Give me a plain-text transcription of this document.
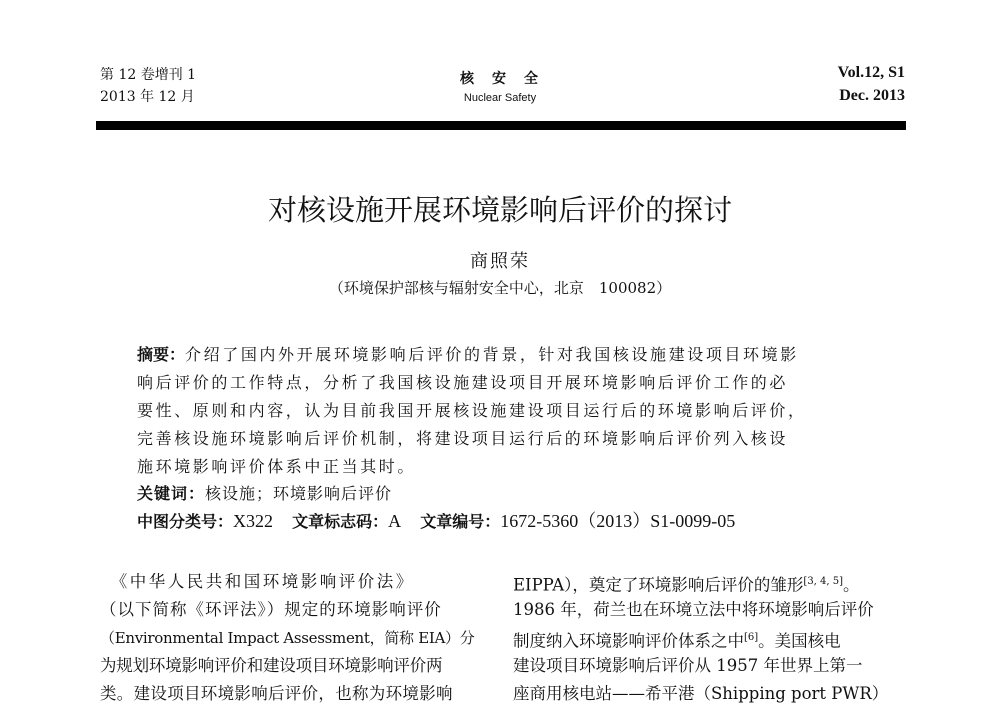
第 12 卷增刊 1
2013 年 12 月
核　安　全
Nuclear Safety
Vol.12, S1
Dec. 2013
对核设施开展环境影响后评价的探讨
商照荣
（环境保护部核与辐射安全中心，北京　100082）
摘要：介绍了国内外开展环境影响后评价的背景，针对我国核设施建设项目环境影
响后评价的工作特点，分析了我国核设施建设项目开展环境影响后评价工作的必
要性、原则和内容，认为目前我国开展核设施建设项目运行后的环境影响后评价，
完善核设施环境影响后评价机制，将建设项目运行后的环境影响后评价列入核设
施环境影响评价体系中正当其时。
关键词：核设施；环境影响后评价
中图分类号：X322 文章标志码：A 文章编号：1672-5360（2013）S1-0099-05
　《中华人民共和国环境影响评价法》
（以下简称《环评法》）规定的环境影响评价
（Environmental Impact Assessment，简称 EIA）分
为规划环境影响评价和建设项目环境影响评价两
类。建设项目环境影响后评价，也称为环境影响
EIPPA），奠定了环境影响后评价的雏形[3, 4, 5]。
1986 年，荷兰也在环境立法中将环境影响后评价
制度纳入环境影响评价体系之中[6]。美国核电
建设项目环境影响后评价从 1957 年世界上第一
座商用核电站——希平港（Shipping port PWR）
